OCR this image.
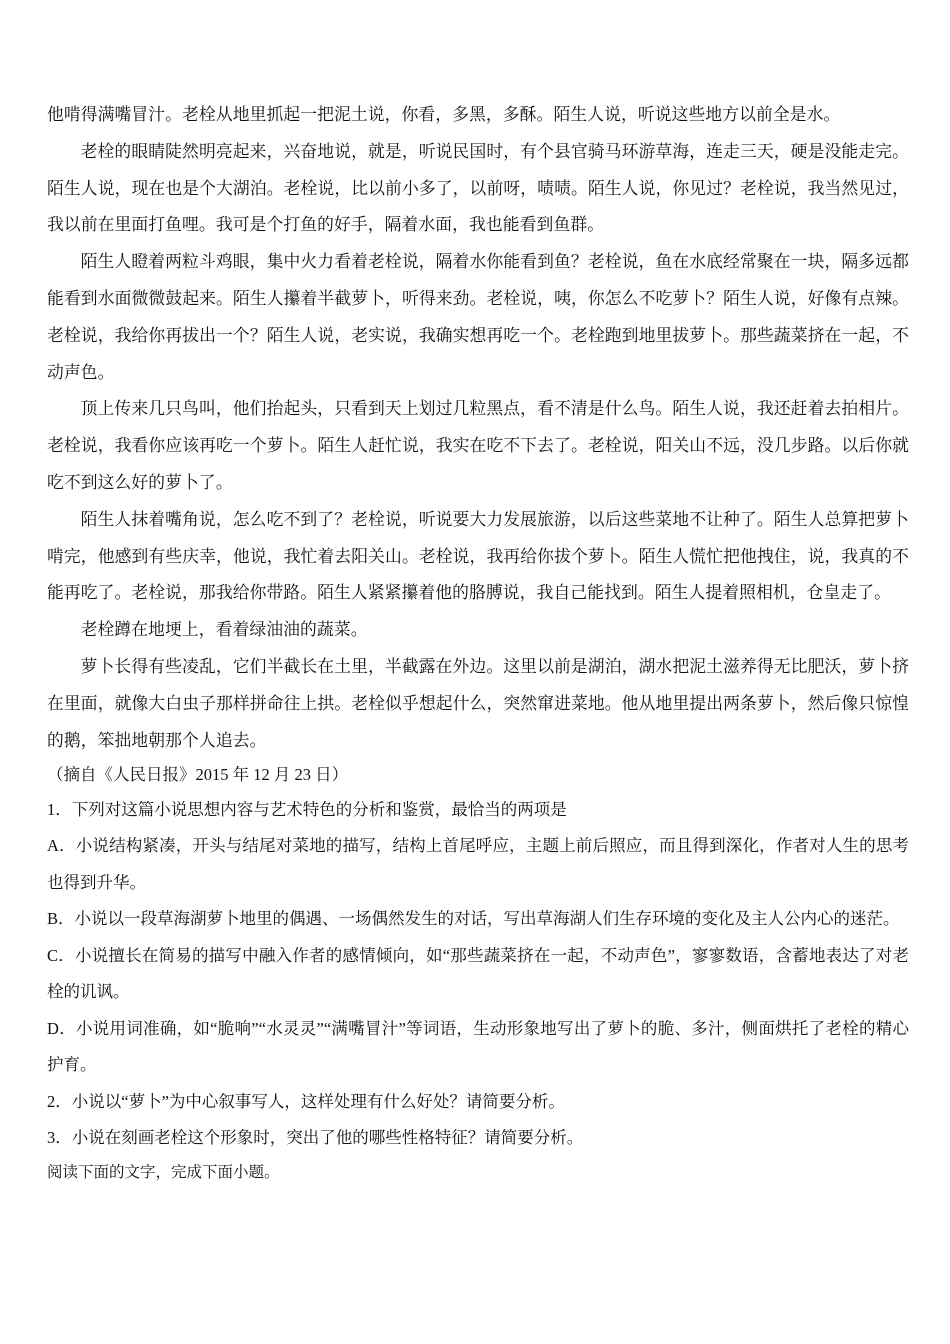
他啃得满嘴冒汁。老栓从地里抓起一把泥土说，你看，多黑，多酥。陌生人说，听说这些地方以前全是水。

老栓的眼睛陡然明亮起来，兴奋地说，就是，听说民国时，有个县官骑马环游草海，连走三天，硬是没能走完。陌生人说，现在也是个大湖泊。老栓说，比以前小多了，以前呀，啧啧。陌生人说，你见过？老栓说，我当然见过，我以前在里面打鱼哩。我可是个打鱼的好手，隔着水面，我也能看到鱼群。

陌生人瞪着两粒斗鸡眼，集中火力看着老栓说，隔着水你能看到鱼？老栓说，鱼在水底经常聚在一块，隔多远都能看到水面微微鼓起来。陌生人攥着半截萝卜，听得来劲。老栓说，咦，你怎么不吃萝卜？陌生人说，好像有点辣。老栓说，我给你再拔出一个？陌生人说，老实说，我确实想再吃一个。老栓跑到地里拔萝卜。那些蔬菜挤在一起，不动声色。

顶上传来几只鸟叫，他们抬起头，只看到天上划过几粒黑点，看不清是什么鸟。陌生人说，我还赶着去拍相片。老栓说，我看你应该再吃一个萝卜。陌生人赶忙说，我实在吃不下去了。老栓说，阳关山不远，没几步路。以后你就吃不到这么好的萝卜了。

陌生人抹着嘴角说，怎么吃不到了？老栓说，听说要大力发展旅游，以后这些菜地不让种了。陌生人总算把萝卜啃完，他感到有些庆幸，他说，我忙着去阳关山。老栓说，我再给你拔个萝卜。陌生人慌忙把他拽住，说，我真的不能再吃了。老栓说，那我给你带路。陌生人紧紧攥着他的胳膊说，我自己能找到。陌生人提着照相机，仓皇走了。

老栓蹲在地埂上，看着绿油油的蔬菜。

萝卜长得有些凌乱，它们半截长在土里，半截露在外边。这里以前是湖泊，湖水把泥土滋养得无比肥沃，萝卜挤在里面，就像大白虫子那样拼命往上拱。老栓似乎想起什么，突然窜进菜地。他从地里提出两条萝卜，然后像只惊惶的鹅，笨拙地朝那个人追去。

（摘自《人民日报》2015 年 12 月 23 日）

1．下列对这篇小说思想内容与艺术特色的分析和鉴赏，最恰当的两项是

A．小说结构紧凑，开头与结尾对菜地的描写，结构上首尾呼应，主题上前后照应，而且得到深化，作者对人生的思考也得到升华。

B．小说以一段草海湖萝卜地里的偶遇、一场偶然发生的对话，写出草海湖人们生存环境的变化及主人公内心的迷茫。

C．小说擅长在简易的描写中融入作者的感情倾向，如“那些蔬菜挤在一起，不动声色”，寥寥数语，含蓄地表达了对老栓的讥讽。

D．小说用词准确，如“脆响”“水灵灵”“满嘴冒汁”等词语，生动形象地写出了萝卜的脆、多汁，侧面烘托了老栓的精心护育。

2．小说以“萝卜”为中心叙事写人，这样处理有什么好处？请简要分析。

3．小说在刻画老栓这个形象时，突出了他的哪些性格特征？请简要分析。

阅读下面的文字，完成下面小题。
